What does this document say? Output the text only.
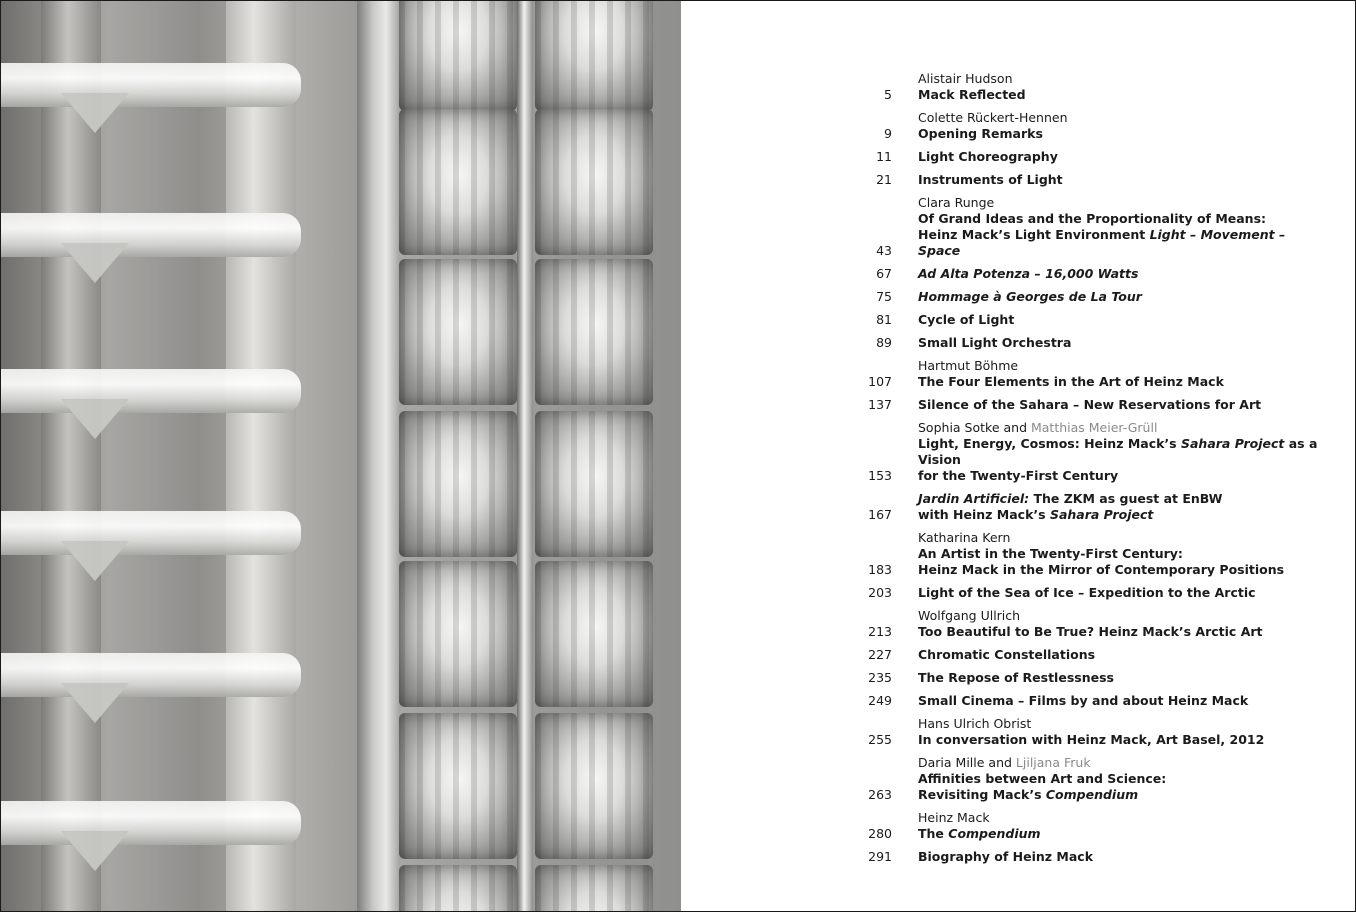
5
Alistair Hudson
Mack Reflected
9
Colette Rückert-Hennen
Opening Remarks
11 Light Choreography
21 Instruments of Light
43
Clara Runge
Of Grand Ideas and the Proportionality of Means:
Heinz Mack’s Light Environment Light – Movement – Space
67 Ad Alta Potenza – 16,000 Watts
75 Hommage à Georges de La Tour
81 Cycle of Light
89 Small Light Orchestra
107
Hartmut Böhme
The Four Elements in the Art of Heinz Mack
137 Silence of the Sahara – New Reservations for Art
153
Sophia Sotke and Matthias Meier-Grüll
Light, Energy, Cosmos: Heinz Mack’s Sahara Project as a Vision
for the Twenty-First Century
167
Jardin Artificiel: The ZKM as guest at EnBW
with Heinz Mack’s Sahara Project
183
Katharina Kern
An Artist in the Twenty-First Century:
Heinz Mack in the Mirror of Contemporary Positions
203 Light of the Sea of Ice – Expedition to the Arctic
213
Wolfgang Ullrich
Too Beautiful to Be True? Heinz Mack’s Arctic Art
227 Chromatic Constellations
235 The Repose of Restlessness
249 Small Cinema – Films by and about Heinz Mack
255
Hans Ulrich Obrist
In conversation with Heinz Mack, Art Basel, 2012
263
Daria Mille and Ljiljana Fruk
Affinities between Art and Science:
Revisiting Mack’s Compendium
280
Heinz Mack
The Compendium
291 Biography of Heinz Mack
